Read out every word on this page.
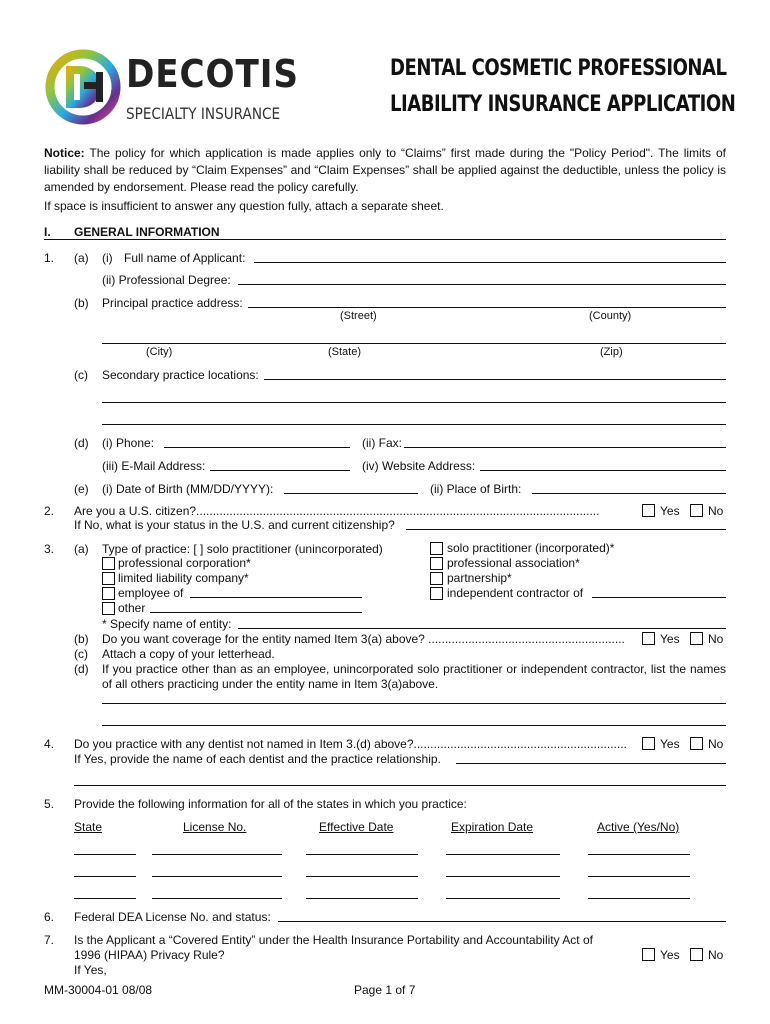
DECOTIS
SPECIALTY INSURANCE
DENTAL COSMETIC PROFESSIONAL
LIABILITY INSURANCE APPLICATION
Notice: The policy for which application is made applies only to “Claims” first made during the "Policy Period". The limits of liability shall be reduced by “Claim Expenses” and “Claim Expenses” shall be applied against the deductible, unless the policy is amended by endorsement. Please read the policy carefully.
If space is insufficient to answer any question fully, attach a separate sheet.
I. GENERAL INFORMATION
1. (a) (i) Full name of Applicant:
(ii) Professional Degree:
(b) Principal practice address:
(Street)	(County)
(City)	(State)	(Zip)
(c) Secondary practice locations:
(d) (i) Phone:	(ii) Fax:
(iii) E-Mail Address:	(iv) Website Address:
(e) (i) Date of Birth (MM/DD/YYYY):	(ii) Place of Birth:
2. Are you a U.S. citizen?.........................................................................................................................	Yes No
If No, what is your status in the U.S. and current citizenship?
3. (a) Type of practice: [ ] solo practitioner (unincorporated)
professional corporation*
limited liability company*
employee of
other
solo practitioner (incorporated)*
professional association*
partnership*
independent contractor of
* Specify name of entity:
(b) Do you want coverage for the entity named Item 3(a) above? ...........................................................	Yes No
(c) Attach a copy of your letterhead.
(d) If you practice other than as an employee, unincorporated solo practitioner or independent contractor, list the names of all others practicing under the entity name in Item 3(a)above.
4. Do you practice with any dentist not named in Item 3.(d) above?................................................................	Yes No
If Yes, provide the name of each dentist and the practice relationship.
5. Provide the following information for all of the states in which you practice:
State	License No.	Effective Date	Expiration Date	Active (Yes/No)
6. Federal DEA License No. and status:
7. Is the Applicant a “Covered Entity” under the Health Insurance Portability and Accountability Act of
1996 (HIPAA) Privacy Rule?	Yes No
If Yes,
MM-30004-01 08/08	Page 1 of 7
